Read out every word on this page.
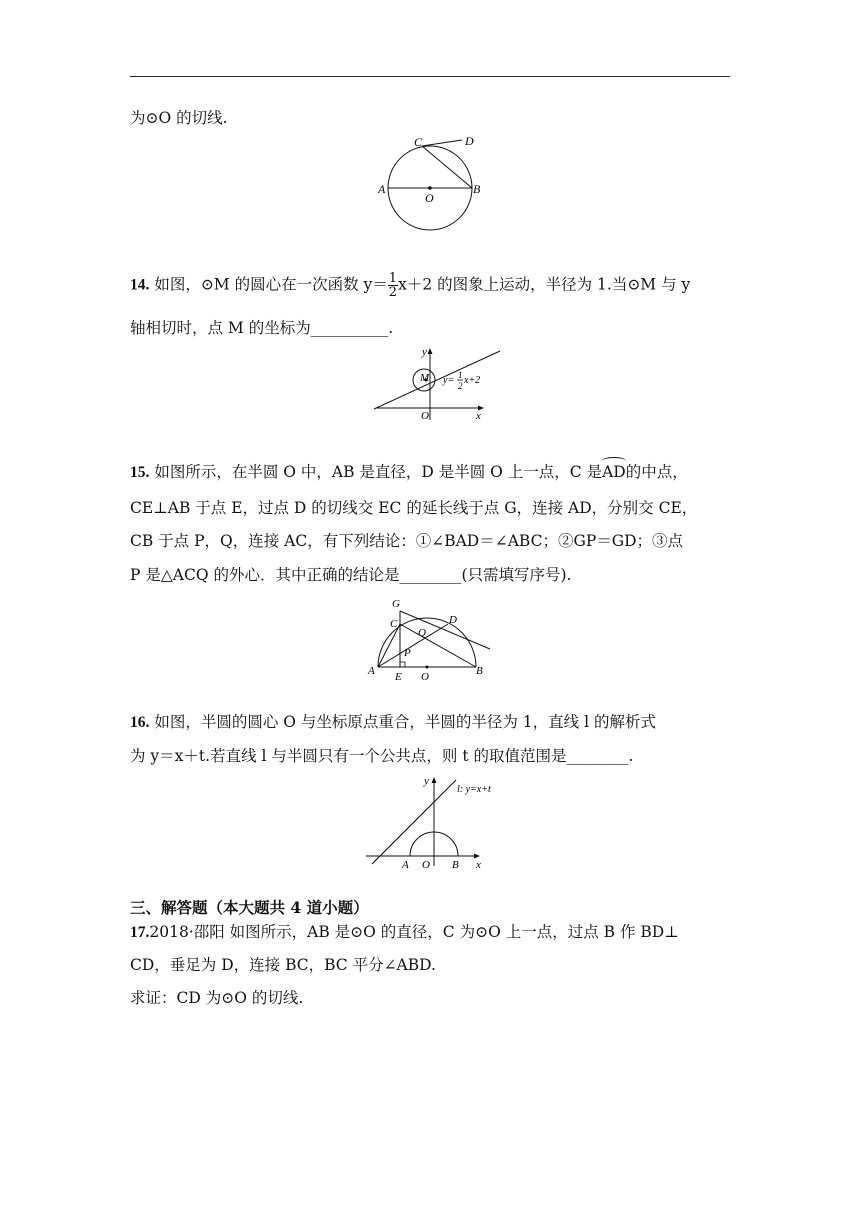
为⊙O 的切线.
C	D
A
O
B
14. 如图，⊙M 的圆心在一次函数 $y= \frac{1}{2} x+2$ 的图象上运动，半径为 1.当⊙M 与 y
轴相切时，点 M 的坐标为__________.
y
x
O
M y= 1
2 x+2
15. 如图所示，在半圆 O 中，AB 是直径，D 是半圆 O 上一点，C 是AD的中点，
CE⊥AB 于点 E，过点 D 的切线交 EC 的延长线于点 G，连接 AD，分别交 CE，
CB 于点 P，Q，连接 AC，有下列结论：①∠BAD＝∠ABC；②GP＝GD；③点
P 是△ACQ 的外心．其中正确的结论是________(只需填写序号).
G
C	D
Q
P
A E O	B
16. 如图，半圆的圆心 O 与坐标原点重合，半圆的半径为 1，直线 l 的解析式
为 y＝x＋t.若直线 l 与半圆只有一个公共点，则 t 的取值范围是________.
y
l: y=x+t
A O B x
三、解答题（本大题共 4 道小题）
17.2018·邵阳 如图所示，AB 是⊙O 的直径，C 为⊙O 上一点，过点 B 作 BD⊥
CD，垂足为 D，连接 BC，BC 平分∠ABD.
求证：CD 为⊙O 的切线.
